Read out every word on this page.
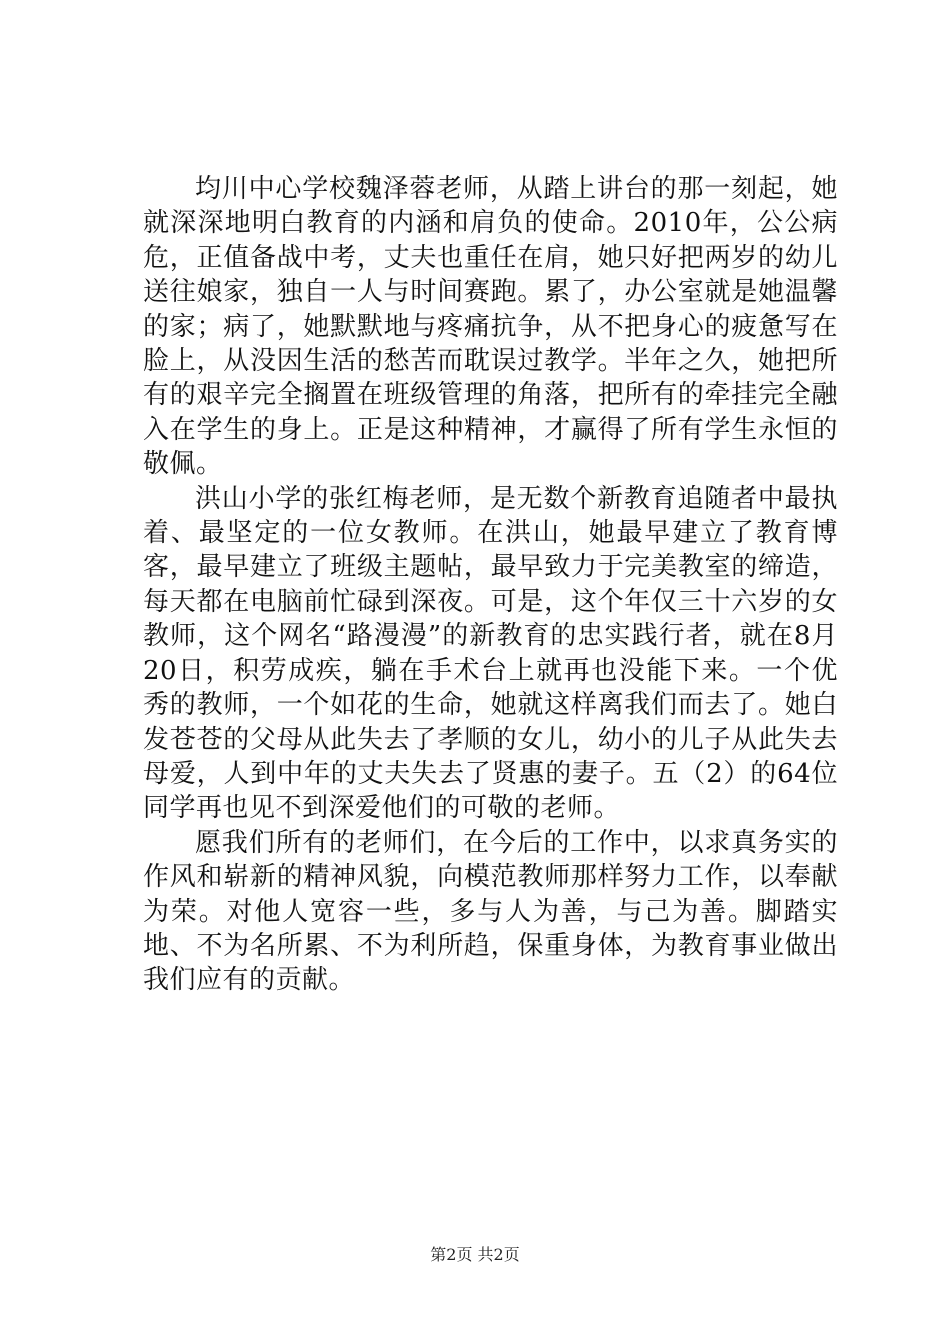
均川中心学校魏泽蓉老师，从踏上讲台的那一刻起，她就深深地明白教育的内涵和肩负的使命。2010年，公公病危，正值备战中考，丈夫也重任在肩，她只好把两岁的幼儿送往娘家，独自一人与时间赛跑。累了，办公室就是她温馨的家；病了，她默默地与疼痛抗争，从不把身心的疲惫写在脸上，从没因生活的愁苦而耽误过教学。半年之久，她把所有的艰辛完全搁置在班级管理的角落，把所有的牵挂完全融入在学生的身上。正是这种精神，才赢得了所有学生永恒的敬佩。

洪山小学的张红梅老师，是无数个新教育追随者中最执着、最坚定的一位女教师。在洪山，她最早建立了教育博客，最早建立了班级主题帖，最早致力于完美教室的缔造，每天都在电脑前忙碌到深夜。可是，这个年仅三十六岁的女教师，这个网名“路漫漫”的新教育的忠实践行者，就在8月20日，积劳成疾，躺在手术台上就再也没能下来。一个优秀的教师，一个如花的生命，她就这样离我们而去了。她白发苍苍的父母从此失去了孝顺的女儿，幼小的儿子从此失去母爱，人到中年的丈夫失去了贤惠的妻子。五（2）的64位同学再也见不到深爱他们的可敬的老师。

愿我们所有的老师们，在今后的工作中，以求真务实的作风和崭新的精神风貌，向模范教师那样努力工作，以奉献为荣。对他人宽容一些，多与人为善，与己为善。脚踏实地、不为名所累、不为利所趋，保重身体，为教育事业做出我们应有的贡献。

第2页 共2页
